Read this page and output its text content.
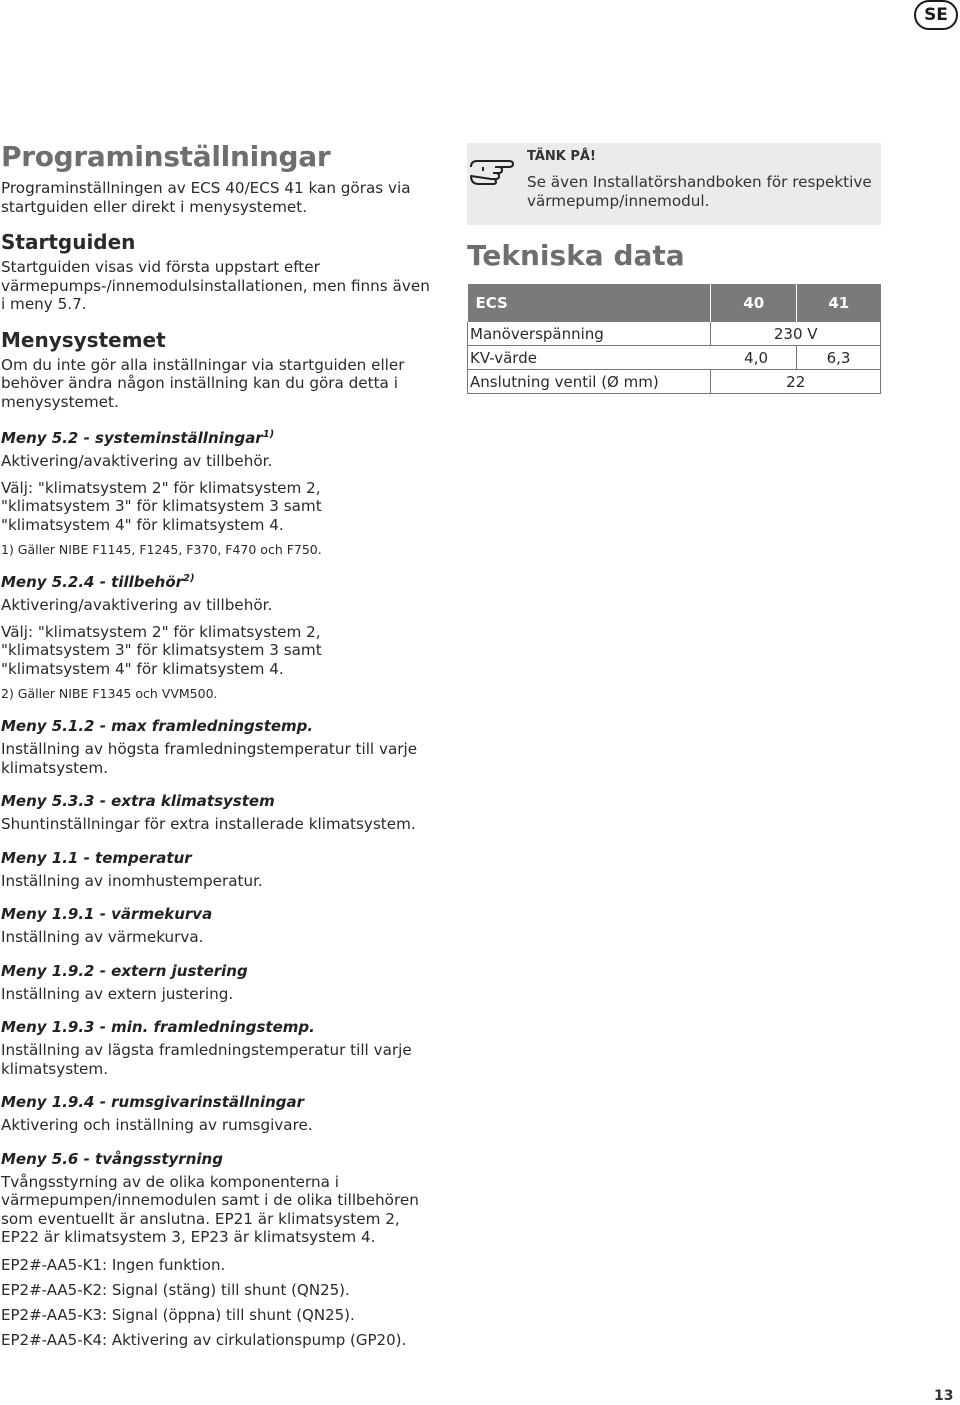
SE
Programinställningar

Programinställningen av ECS 40/ECS 41 kan göras via startguiden eller direkt i menysystemet.

Startguiden

Startguiden visas vid första uppstart efter värmepumps-/innemodulsinstallationen, men finns även i meny 5.7.

Menysystemet

Om du inte gör alla inställningar via startguiden eller behöver ändra någon inställning kan du göra detta i menysystemet.

Meny 5.2 - systeminställningar$^{1)}$

Aktivering/avaktivering av tillbehör.

Välj: "klimatsystem 2" för klimatsystem 2, "klimatsystem 3" för klimatsystem 3 samt "klimatsystem 4" för klimatsystem 4.

1) Gäller NIBE F1145, F1245, F370, F470 och F750.

Meny 5.2.4 - tillbehör$^{2)}$

Aktivering/avaktivering av tillbehör.

Välj: "klimatsystem 2" för klimatsystem 2, "klimatsystem 3" för klimatsystem 3 samt "klimatsystem 4" för klimatsystem 4.

2) Gäller NIBE F1345 och VVM500.

Meny 5.1.2 - max framledningstemp.

Inställning av högsta framledningstemperatur till varje klimatsystem.

Meny 5.3.3 - extra klimatsystem

Shuntinställningar för extra installerade klimatsystem.

Meny 1.1 - temperatur

Inställning av inomhustemperatur.

Meny 1.9.1 - värmekurva

Inställning av värmekurva.

Meny 1.9.2 - extern justering

Inställning av extern justering.

Meny 1.9.3 - min. framledningstemp.

Inställning av lägsta framledningstemperatur till varje klimatsystem.

Meny 1.9.4 - rumsgivarinställningar

Aktivering och inställning av rumsgivare.

Meny 5.6 - tvångsstyrning

Tvångsstyrning av de olika komponenterna i värmepumpen/innemodulen samt i de olika tillbehören som eventuellt är anslutna. EP21 är klimatsystem 2, EP22 är klimatsystem 3, EP23 är klimatsystem 4.

EP2#-AA5-K1: Ingen funktion.

EP2#-AA5-K2: Signal (stäng) till shunt (QN25).

EP2#-AA5-K3: Signal (öppna) till shunt (QN25).

EP2#-AA5-K4: Aktivering av cirkulationspump (GP20).

TÄNK PÅ!
Se även Installatörshandboken för respektive värmepump/innemodul.
Tekniska data
ECS	40	41
Manöverspänning	230 V	
KV-värde	4,0	6,3
Anslutning ventil (Ø mm)	22	
13
